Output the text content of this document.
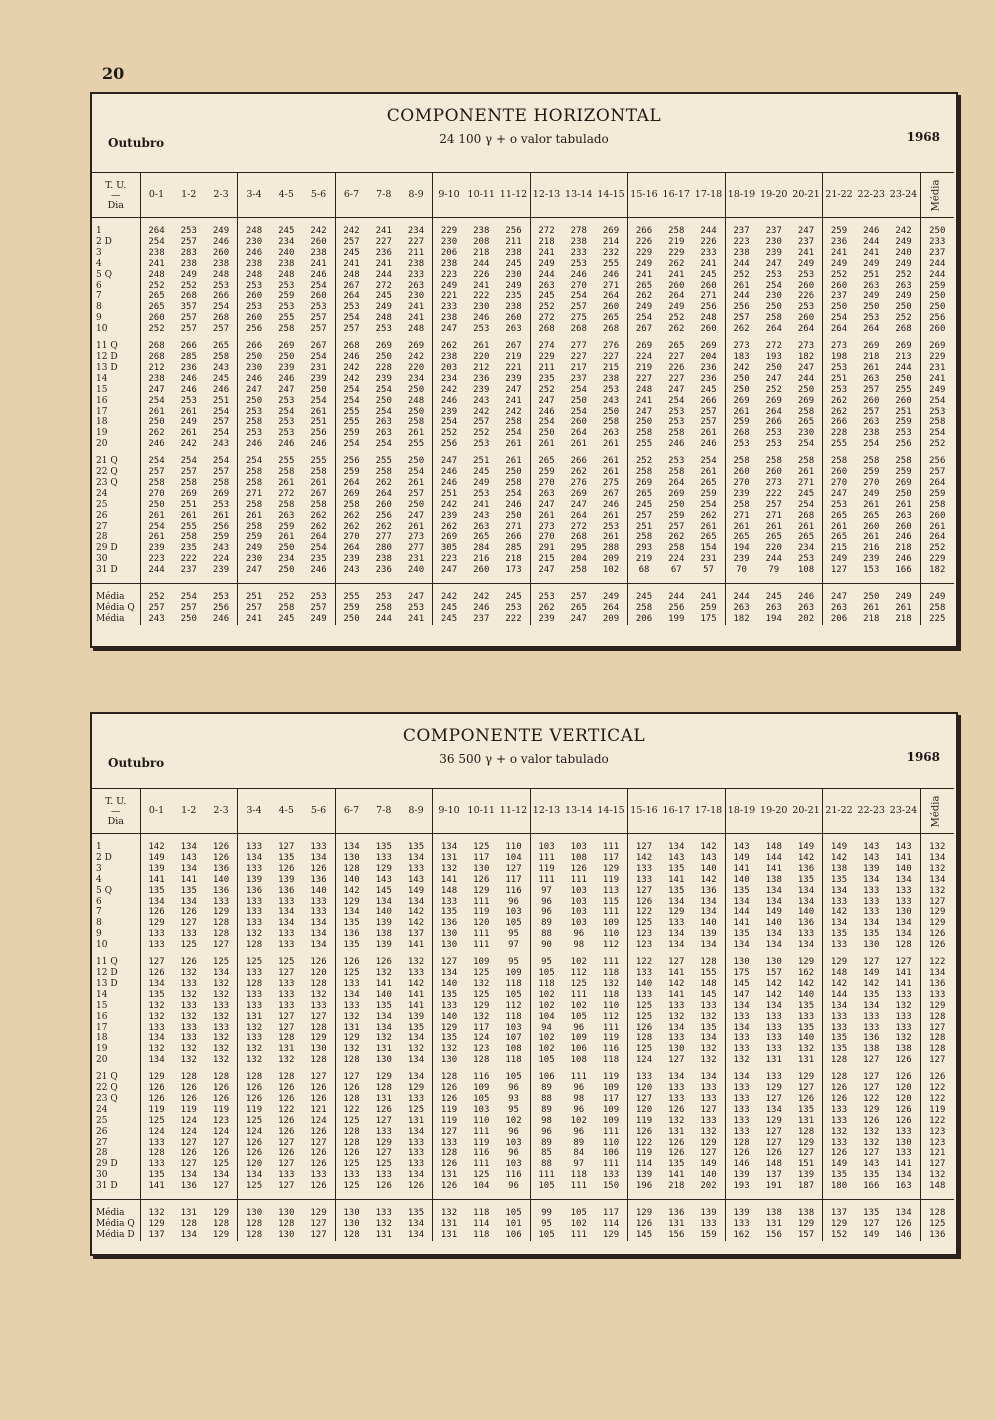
20
COMPONENTE HORIZONTAL
24 100 γ + o valor tabulado
Outubro	1968
T. U.
—
Dia	0-1	1-2	2-3	3-4	4-5	5-6	6-7	7-8	8-9	9-10	10-11	11-12	12-13	13-14	14-15	15-16	16-17	17-18	18-19	19-20	20-21	21-22	22-23	23-24	Média
1	264	253	249	248	245	242	242	241	234	229	238	256	272	278	269	266	258	244	237	237	247	259	246	242	250
2 D	254	257	246	230	234	260	257	227	227	230	208	211	218	238	214	226	219	226	223	230	237	236	244	249	233
3	238	283	260	246	240	238	245	236	211	206	218	238	241	233	232	229	229	233	238	239	241	241	241	240	237
4	241	238	238	238	238	241	241	241	238	238	244	245	249	253	255	249	262	241	244	247	249	249	249	249	244
5 Q	248	249	248	248	248	246	248	244	233	223	226	230	244	246	246	241	241	245	252	253	253	252	251	252	244
6	252	252	253	253	253	254	267	272	263	249	241	249	263	270	271	265	260	260	261	254	260	260	263	263	259
7	265	268	266	260	259	260	264	245	230	221	222	235	245	254	264	262	264	271	244	230	226	237	249	249	250
8	265	357	254	253	253	253	253	249	241	233	230	238	252	257	260	249	249	256	256	250	253	250	250	250	250
9	260	257	268	260	255	257	254	248	241	238	246	260	272	275	265	254	252	248	257	258	260	254	253	252	256
10	252	257	257	256	258	257	257	253	248	247	253	263	268	268	268	267	262	260	262	264	264	264	264	268	260

11 Q	268	266	265	266	269	267	268	269	269	262	261	267	274	277	276	269	265	269	273	272	273	273	269	269	269
12 D	268	285	258	250	250	254	246	250	242	238	220	219	229	227	227	224	227	204	183	193	182	198	218	213	229
13 D	212	236	243	230	239	231	242	228	220	203	212	221	211	217	215	219	226	236	242	250	247	253	261	244	231
14	238	246	245	246	246	239	242	239	234	234	236	239	235	237	238	227	227	236	250	247	244	251	263	250	241
15	247	246	246	247	247	250	254	254	250	242	239	247	252	254	253	248	247	245	250	252	250	253	257	255	249
16	254	253	251	250	253	254	254	250	248	246	243	241	247	250	243	241	254	266	269	269	269	262	260	260	254
17	261	261	254	253	254	261	255	254	250	239	242	242	246	254	250	247	253	257	261	264	258	262	257	251	253
18	250	249	257	258	253	251	255	263	258	254	257	258	254	260	258	250	253	257	259	266	265	266	263	259	258
19	262	261	254	253	253	256	259	263	261	252	252	254	250	264	263	258	258	261	268	253	230	228	238	253	254
20	246	242	243	246	246	246	254	254	255	256	253	261	261	261	261	255	246	246	253	253	254	255	254	256	252

21 Q	254	254	254	254	255	255	256	255	250	247	251	261	265	266	261	252	253	254	258	258	258	258	258	258	256
22 Q	257	257	257	258	258	258	259	258	254	246	245	250	259	262	261	258	258	261	260	260	261	260	259	259	257
23 Q	258	258	258	258	261	261	264	262	261	246	249	258	270	276	275	269	264	265	270	273	271	270	270	269	264
24	270	269	269	271	272	267	269	264	257	251	253	254	263	269	267	265	269	259	239	222	245	247	249	250	259
25	250	251	253	258	258	258	258	260	250	242	241	246	247	247	246	245	250	254	258	257	254	253	261	261	258
26	261	261	261	261	263	262	262	256	247	239	243	250	261	264	261	257	259	262	271	271	268	265	265	263	260
27	254	255	256	258	259	262	262	262	261	262	263	271	273	272	253	251	257	261	261	261	261	261	260	260	261
28	261	258	259	259	261	264	270	277	273	269	265	266	270	268	261	258	262	265	265	265	265	265	261	246	264
29 D	239	235	243	249	250	254	264	280	277	305	284	285	291	295	288	293	258	154	194	220	234	215	216	218	252
30	223	222	224	230	234	235	239	238	231	223	216	218	215	204	209	219	224	231	239	244	253	249	239	246	229
31 D	244	237	239	247	250	246	243	236	240	247	260	173	247	258	102	68	67	57	70	79	108	127	153	166	182

Média	252	254	253	251	252	253	255	253	247	242	242	245	253	257	249	245	244	241	244	245	246	247	250	249	249
Média Q	257	257	256	257	258	257	259	258	253	245	246	253	262	265	264	258	256	259	263	263	263	263	261	261	258
Média	243	250	246	241	245	249	250	244	241	245	237	222	239	247	209	206	199	175	182	194	202	206	218	218	225
COMPONENTE VERTICAL
36 500 γ + o valor tabulado
Outubro	1968
T. U.
—
Dia	0-1	1-2	2-3	3-4	4-5	5-6	6-7	7-8	8-9	9-10	10-11	11-12	12-13	13-14	14-15	15-16	16-17	17-18	18-19	19-20	20-21	21-22	22-23	23-24	Média
1	142	134	126	133	127	133	134	135	135	134	125	110	103	103	111	127	134	142	143	148	149	149	143	143	132
2 D	149	143	126	134	135	134	130	133	134	131	117	104	111	108	117	142	143	143	149	144	142	142	143	141	134
3	139	134	136	133	126	126	128	129	133	132	130	127	119	126	129	133	135	140	141	141	136	138	139	140	132
4	141	141	140	139	139	136	140	143	143	141	126	117	111	111	119	133	141	142	140	138	135	135	134	134	134
5 Q	135	135	136	136	136	140	142	145	149	148	129	116	97	103	113	127	135	136	135	134	134	134	133	133	132
6	134	134	133	133	133	133	129	134	134	133	111	96	96	103	115	126	134	134	134	134	134	133	133	133	127
7	126	126	129	133	134	133	134	140	142	135	119	103	96	103	111	122	129	134	144	149	140	142	133	130	129
8	129	127	128	133	134	134	135	139	142	136	120	105	89	103	109	125	133	140	141	140	136	134	134	134	129
9	133	133	128	132	133	134	136	138	137	130	111	95	88	96	110	123	134	139	135	134	133	135	135	134	126
10	133	125	127	128	133	134	135	139	141	130	111	97	90	98	112	123	134	134	134	134	134	133	130	128	126

11 Q	127	126	125	125	125	126	126	126	132	127	109	95	95	102	111	122	127	128	130	130	129	129	127	127	122
12 D	126	132	134	133	127	120	125	132	133	134	125	109	105	112	118	133	141	155	175	157	162	148	149	141	134
13 D	134	133	132	128	133	128	133	141	142	140	132	118	118	125	132	140	142	148	145	142	142	142	142	141	136
14	135	132	132	133	133	132	134	140	141	135	125	105	102	111	118	133	141	145	147	142	140	144	135	133	133
15	132	133	133	133	133	133	133	135	141	133	129	112	102	102	110	125	133	133	134	134	135	134	134	132	129
16	132	132	132	131	127	127	132	134	139	140	132	118	104	105	112	125	132	132	133	133	133	133	133	133	128
17	133	133	133	132	127	128	131	134	135	129	117	103	94	96	111	126	134	135	134	133	135	133	133	133	127
18	134	133	132	133	128	129	129	132	134	135	124	107	102	109	119	128	133	134	133	133	140	135	136	132	128
19	132	132	132	132	131	130	132	131	132	132	123	108	102	106	116	125	130	132	133	133	132	135	138	138	128
20	134	132	132	132	132	128	128	130	134	130	128	118	105	108	118	124	127	132	132	131	131	128	127	126	127

21 Q	129	128	128	128	128	127	127	129	134	128	116	105	106	111	119	133	134	134	134	133	129	128	127	126	126
22 Q	126	126	126	126	126	126	126	128	129	126	109	96	89	96	109	120	133	133	133	129	127	126	127	120	122
23 Q	126	126	126	126	126	126	128	131	133	126	105	93	88	98	117	127	133	133	133	127	126	126	122	120	122
24	119	119	119	119	122	121	122	126	125	119	103	95	89	96	109	120	126	127	133	134	135	133	129	126	119
25	125	124	123	125	126	124	125	127	131	119	110	102	98	102	109	119	132	133	133	129	131	133	126	126	122
26	124	124	124	124	126	126	128	133	134	127	111	96	96	96	111	126	131	132	133	127	128	132	132	133	123
27	133	127	127	126	127	127	128	129	133	133	119	103	89	89	110	122	126	129	128	127	129	133	132	130	123
28	128	126	126	126	126	126	126	127	133	128	116	96	85	84	106	119	126	127	126	126	127	126	127	133	121
29 D	133	127	125	120	127	126	125	125	133	126	111	103	88	97	111	114	135	149	146	148	151	149	143	141	127
30	135	134	134	134	133	133	133	133	134	131	125	116	111	118	133	139	141	140	139	137	139	135	135	134	132
31 D	141	136	127	125	127	126	125	126	126	126	104	96	105	111	150	196	218	202	193	191	187	180	166	163	148

Média	132	131	129	130	130	129	130	133	135	132	118	105	99	105	117	129	136	139	139	138	138	137	135	134	128
Média Q	129	128	128	128	128	127	130	132	134	131	114	101	95	102	114	126	131	133	133	131	129	129	127	126	125
Média D	137	134	129	128	130	127	128	131	134	131	118	106	105	111	129	145	156	159	162	156	157	152	149	146	136
